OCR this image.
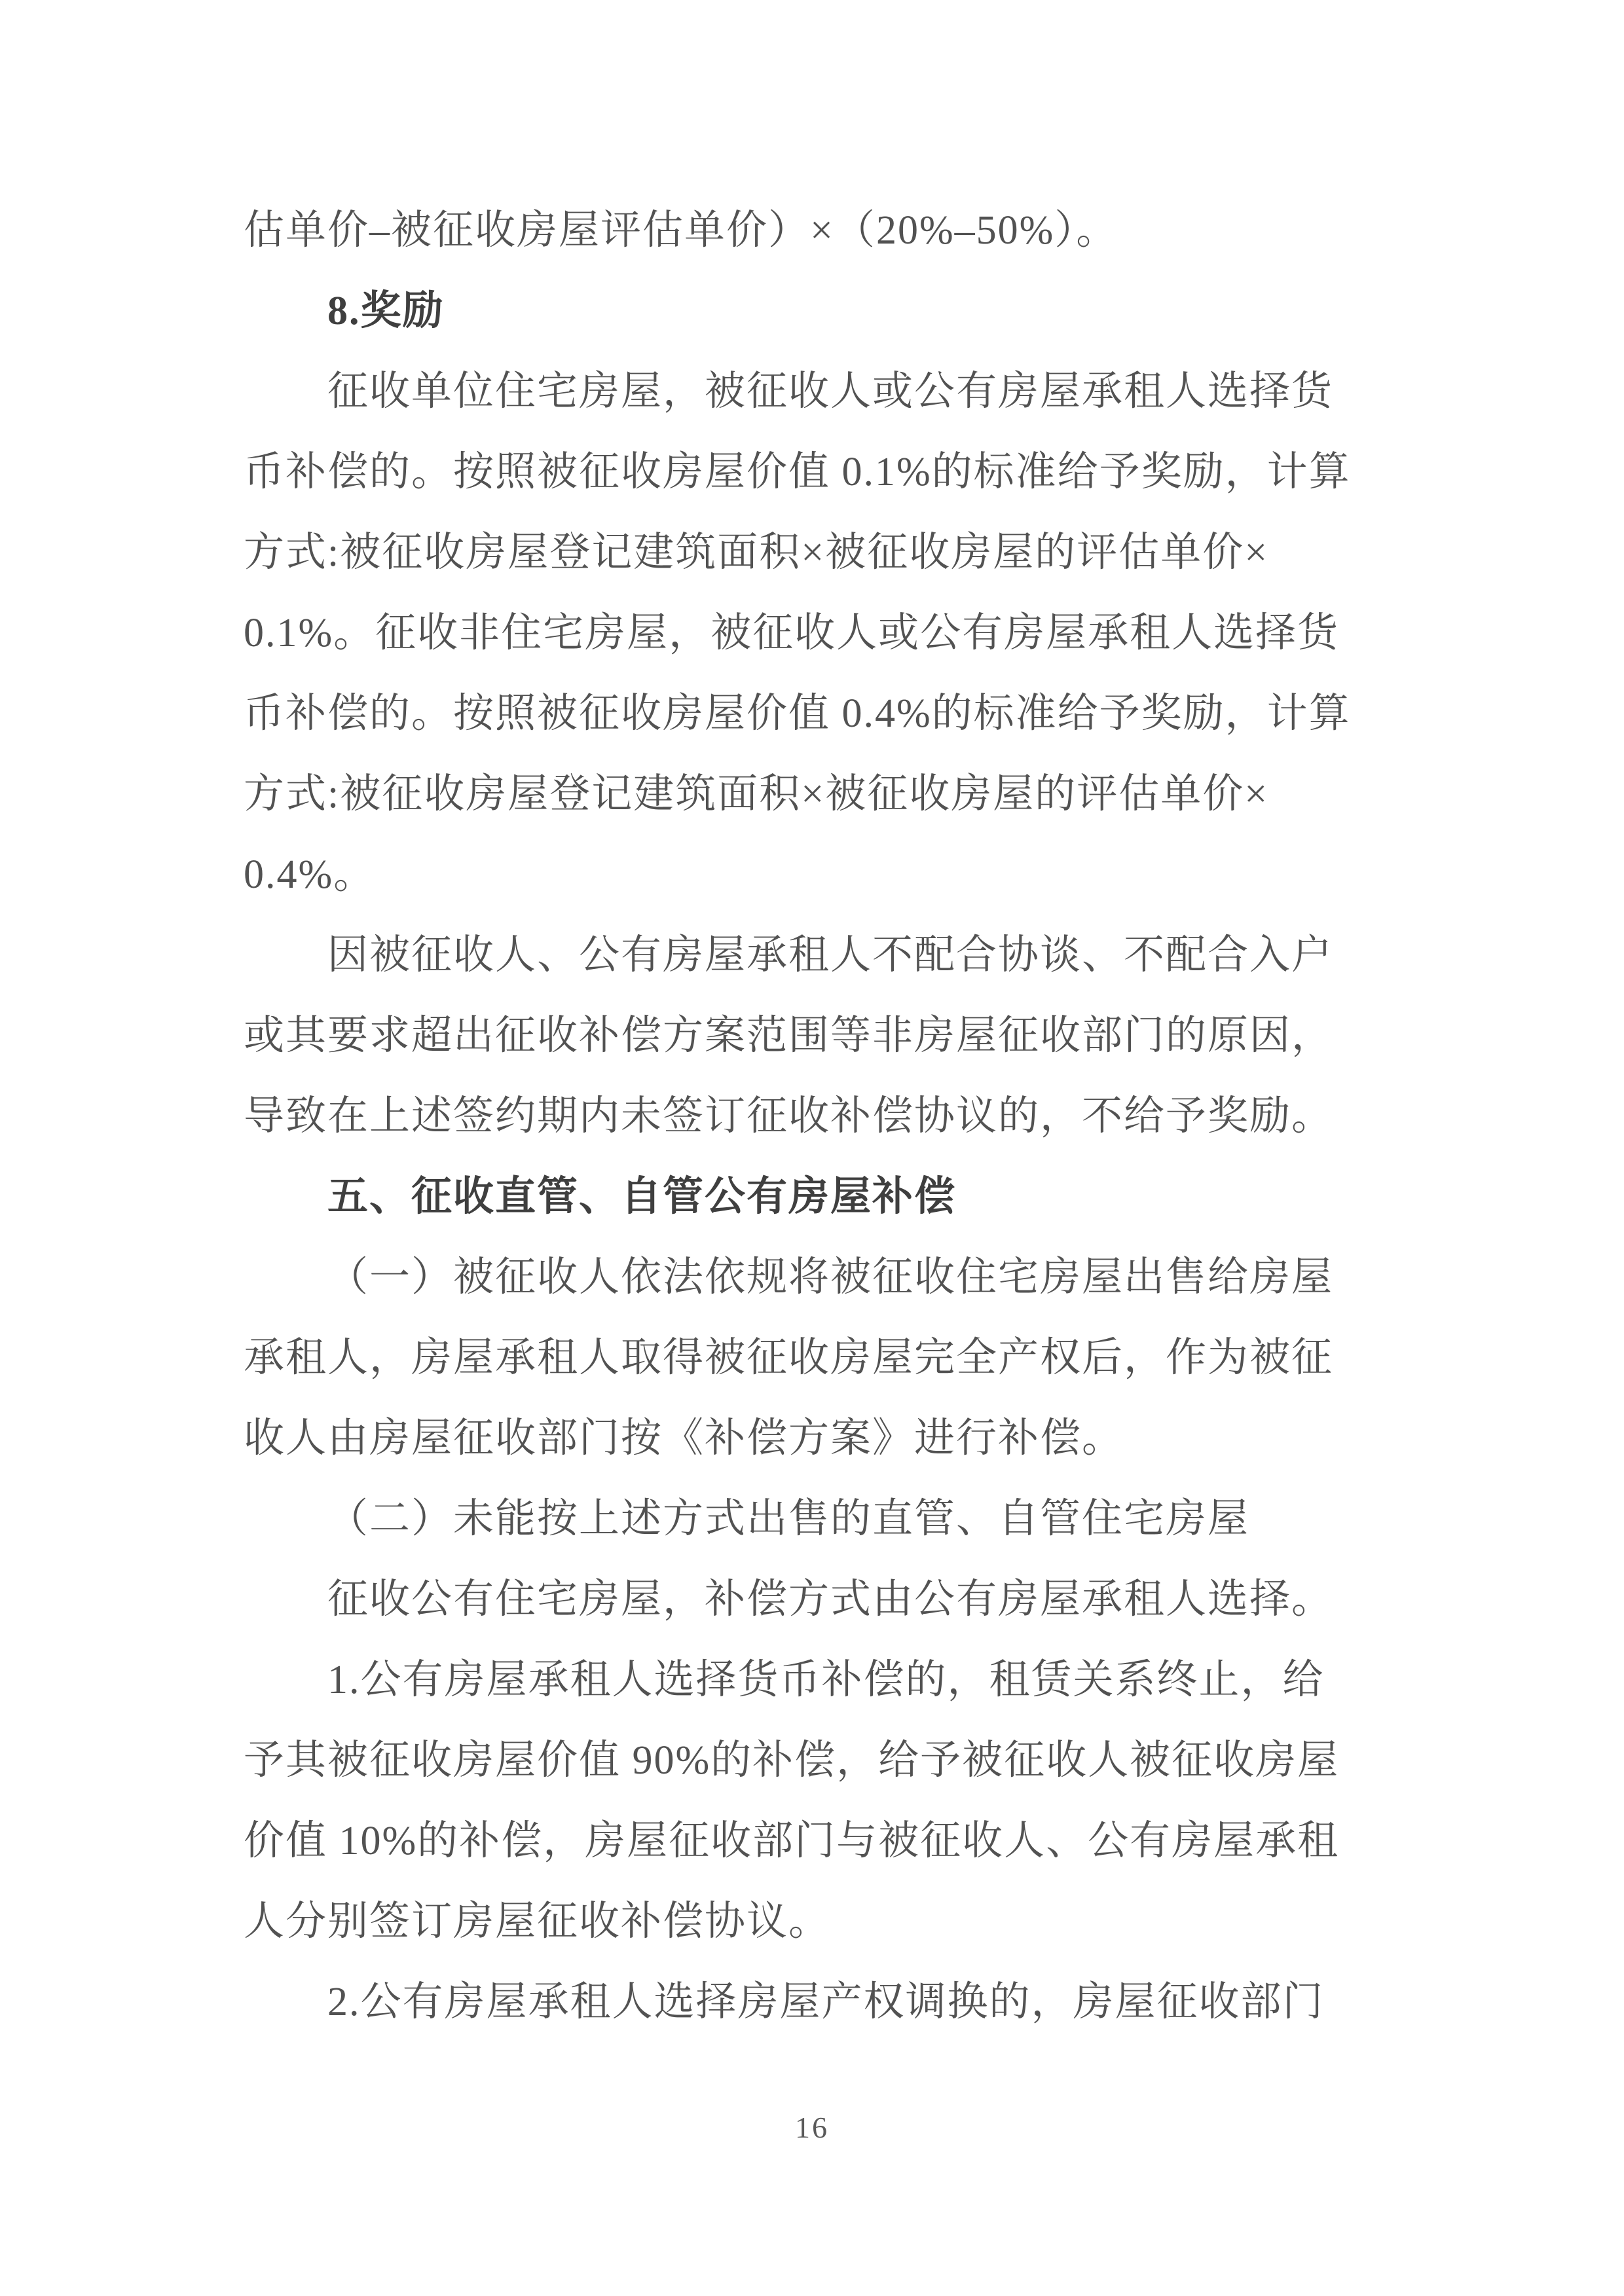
估单价–被征收房屋评估单价）×（20%–50%）。
8.奖励
征收单位住宅房屋，被征收人或公有房屋承租人选择货
币补偿的。按照被征收房屋价值 0.1%的标准给予奖励，计算
方式:被征收房屋登记建筑面积×被征收房屋的评估单价×
0.1%。征收非住宅房屋，被征收人或公有房屋承租人选择货
币补偿的。按照被征收房屋价值 0.4%的标准给予奖励，计算
方式:被征收房屋登记建筑面积×被征收房屋的评估单价×
0.4%。
因被征收人、公有房屋承租人不配合协谈、不配合入户
或其要求超出征收补偿方案范围等非房屋征收部门的原因，
导致在上述签约期内未签订征收补偿协议的，不给予奖励。
五、征收直管、自管公有房屋补偿
（一）被征收人依法依规将被征收住宅房屋出售给房屋
承租人，房屋承租人取得被征收房屋完全产权后，作为被征
收人由房屋征收部门按《补偿方案》进行补偿。
（二）未能按上述方式出售的直管、自管住宅房屋
征收公有住宅房屋，补偿方式由公有房屋承租人选择。
1.公有房屋承租人选择货币补偿的，租赁关系终止，给
予其被征收房屋价值 90%的补偿，给予被征收人被征收房屋
价值 10%的补偿，房屋征收部门与被征收人、公有房屋承租
人分别签订房屋征收补偿协议。
2.公有房屋承租人选择房屋产权调换的，房屋征收部门
16
